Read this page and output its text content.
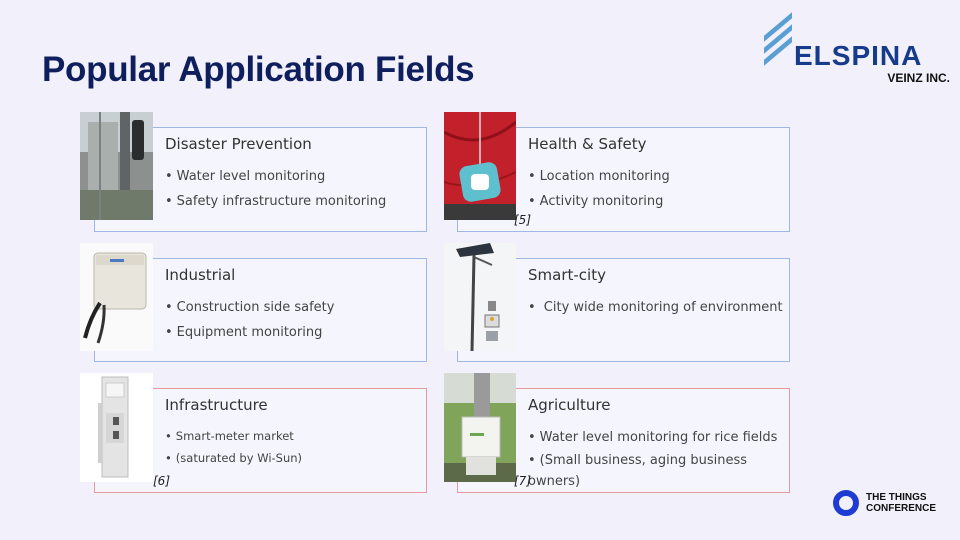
Popular Application Fields	ELSPINA
VEINZ INC.
Disaster Prevention
• Water level monitoring
• Safety infrastructure monitoring
Health & Safety
• Location monitoring
• Activity monitoring
[5]
Industrial
• Construction side safety
• Equipment monitoring
Smart-city
• City wide monitoring of environment
Infrastructure
• Smart-meter market
• (saturated by Wi-Sun)
[6]
Agriculture
• Water level monitoring for rice fields
• (Small business, aging business owners)
[7]
THE THINGS
CONFERENCE
